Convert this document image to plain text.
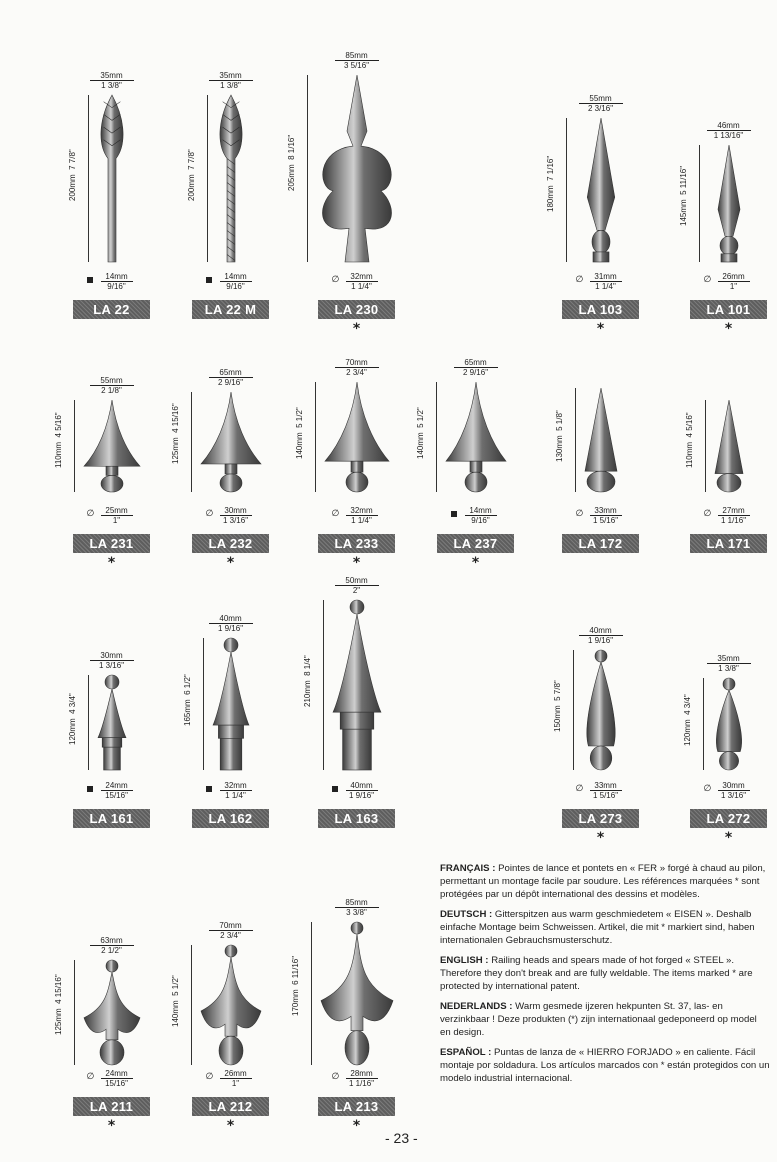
200mm  7 7/8"
35mm
1 3/8"
14mm
9/16"
LA 22
200mm  7 7/8"
35mm
1 3/8"
14mm
9/16"
LA 22 M
205mm  8 1/16"
85mm
3 5/16"
∅	32mm
1 1/4"
LA 230
*
180mm  7 1/16"
55mm
2 3/16"
∅	31mm
1 1/4"
LA 103
*
145mm  5 11/16"
46mm
1 13/16"
∅	26mm
1"
LA 101
*
110mm  4 5/16"
55mm
2 1/8"
∅	25mm
1"
LA 231
*
125mm  4 15/16"
65mm
2 9/16"
∅	30mm
1 3/16"
LA 232
*
140mm  5 1/2"
70mm
2 3/4"
∅	32mm
1 1/4"
LA 233
*
140mm  5 1/2"
65mm
2 9/16"
14mm
9/16"
LA 237
*
130mm  5 1/8"
∅	33mm
1 5/16"
LA 172
110mm  4 5/16"
∅	27mm
1 1/16"
LA 171
120mm  4 3/4"
30mm
1 3/16"
24mm
15/16"
LA 161
165mm  6 1/2"
40mm
1 9/16"
32mm
1 1/4"
LA 162
210mm  8 1/4"
50mm
2"
40mm
1 9/16"
LA 163
150mm  5 7/8"
40mm
1 9/16"
∅	33mm
1 5/16"
LA 273
*
120mm  4 3/4"
35mm
1 3/8"
∅	30mm
1 3/16"
LA 272
*
125mm  4 15/16"
63mm
2 1/2"
∅	24mm
15/16"
LA 211
*
140mm  5 1/2"
70mm
2 3/4"
∅	26mm
1"
LA 212
*
170mm  6 11/16"
85mm
3 3/8"
∅	28mm
1 1/16"
LA 213
*

FRANÇAIS : Pointes de lance et pontets en « FER » forgé à chaud au pilon, permettant un montage facile par soudure. Les références marquées * sont protégées par un dépôt international des dessins et modèles.

DEUTSCH : Gitterspitzen aus warm geschmiedetem « EISEN ». Deshalb einfache Montage beim Schweissen. Artikel, die mit * markiert sind, haben internationalen Gebrauchsmusterschutz.

ENGLISH : Railing heads and spears made of hot forged « STEEL ». Therefore they don't break and are fully weldable. The items marked * are protected by international patent.

NEDERLANDS : Warm gesmede ijzeren hekpunten St. 37, las- en verzinkbaar ! Deze produkten (*) zijn internationaal gedeponeerd op model en design.

ESPAÑOL : Puntas de lanza de « HIERRO FORJADO » en caliente. Fácil montaje por soldadura. Los artículos marcados con * están protegidos con un modelo industrial internacional.

- 23 -
